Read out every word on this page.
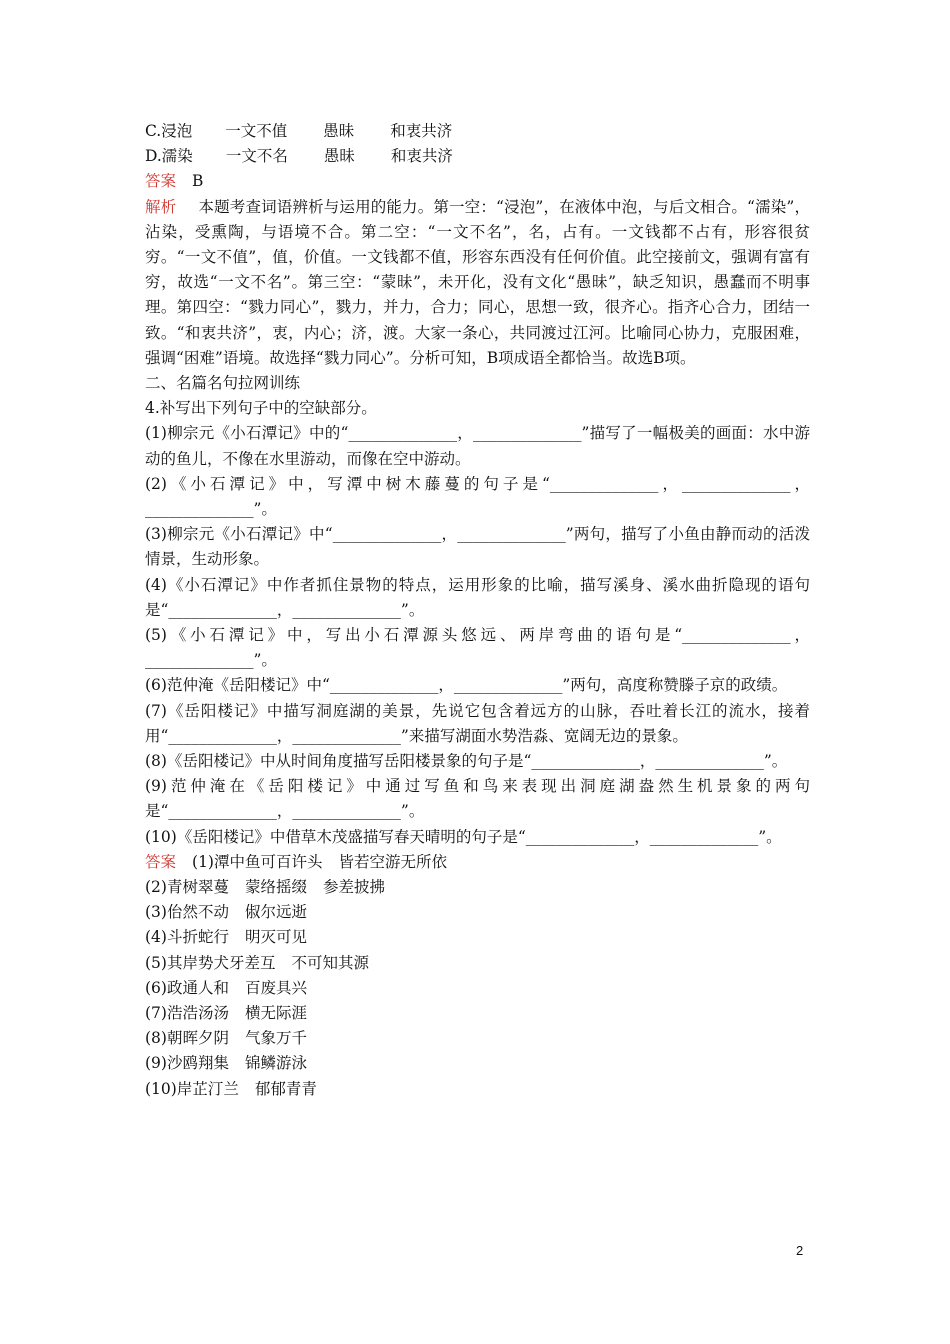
C.浸泡 一文不值 愚昧 和衷共济
D.濡染 一文不名 愚昧 和衷共济
答案 B
解析 本题考查词语辨析与运用的能力。第一空：“浸泡”，在液体中泡，与后文相合。“濡染”，沾染，受熏陶，与语境不合。第二空：“一文不名”，名，占有。一文钱都不占有，形容很贫穷。“一文不值”，值，价值。一文钱都不值，形容东西没有任何价值。此空接前文，强调有富有穷，故选“一文不名”。第三空：“蒙昧”，未开化，没有文化“愚昧”，缺乏知识，愚蠢而不明事理。第四空：“戮力同心”，戮力，并力，合力；同心，思想一致，很齐心。指齐心合力，团结一致。“和衷共济”，衷，内心；济，渡。大家一条心，共同渡过江河。比喻同心协力，克服困难，强调“困难”语境。故选择“戮力同心”。分析可知，B项成语全都恰当。故选B项。
二、名篇名句拉网训练
4.补写出下列句子中的空缺部分。
(1)柳宗元《小石潭记》中的“______________，______________”描写了一幅极美的画面：水中游动的鱼儿，不像在水里游动，而像在空中游动。
(2)《小石潭记》中，写潭中树木藤蔓的句子是“______________，______________，______________”。
(3)柳宗元《小石潭记》中“______________，______________”两句，描写了小鱼由静而动的活泼情景，生动形象。
(4)《小石潭记》中作者抓住景物的特点，运用形象的比喻，描写溪身、溪水曲折隐现的语句是“______________，______________”。
(5)《小石潭记》中，写出小石潭源头悠远、两岸弯曲的语句是“______________，______________”。
(6)范仲淹《岳阳楼记》中“______________，______________”两句，高度称赞滕子京的政绩。
(7)《岳阳楼记》中描写洞庭湖的美景，先说它包含着远方的山脉，吞吐着长江的流水，接着用“______________，______________”来描写湖面水势浩淼、宽阔无边的景象。
(8)《岳阳楼记》中从时间角度描写岳阳楼景象的句子是“______________，______________”。
(9)范仲淹在《岳阳楼记》中通过写鱼和鸟来表现出洞庭湖盎然生机景象的两句是“______________，______________”。
(10)《岳阳楼记》中借草木茂盛描写春天晴明的句子是“______________，______________”。
答案 (1)潭中鱼可百许头 皆若空游无所依
(2)青树翠蔓 蒙络摇缀 参差披拂
(3)佁然不动 俶尔远逝
(4)斗折蛇行 明灭可见
(5)其岸势犬牙差互 不可知其源
(6)政通人和 百废具兴
(7)浩浩汤汤 横无际涯
(8)朝晖夕阴 气象万千
(9)沙鸥翔集 锦鳞游泳
(10)岸芷汀兰 郁郁青青
2
